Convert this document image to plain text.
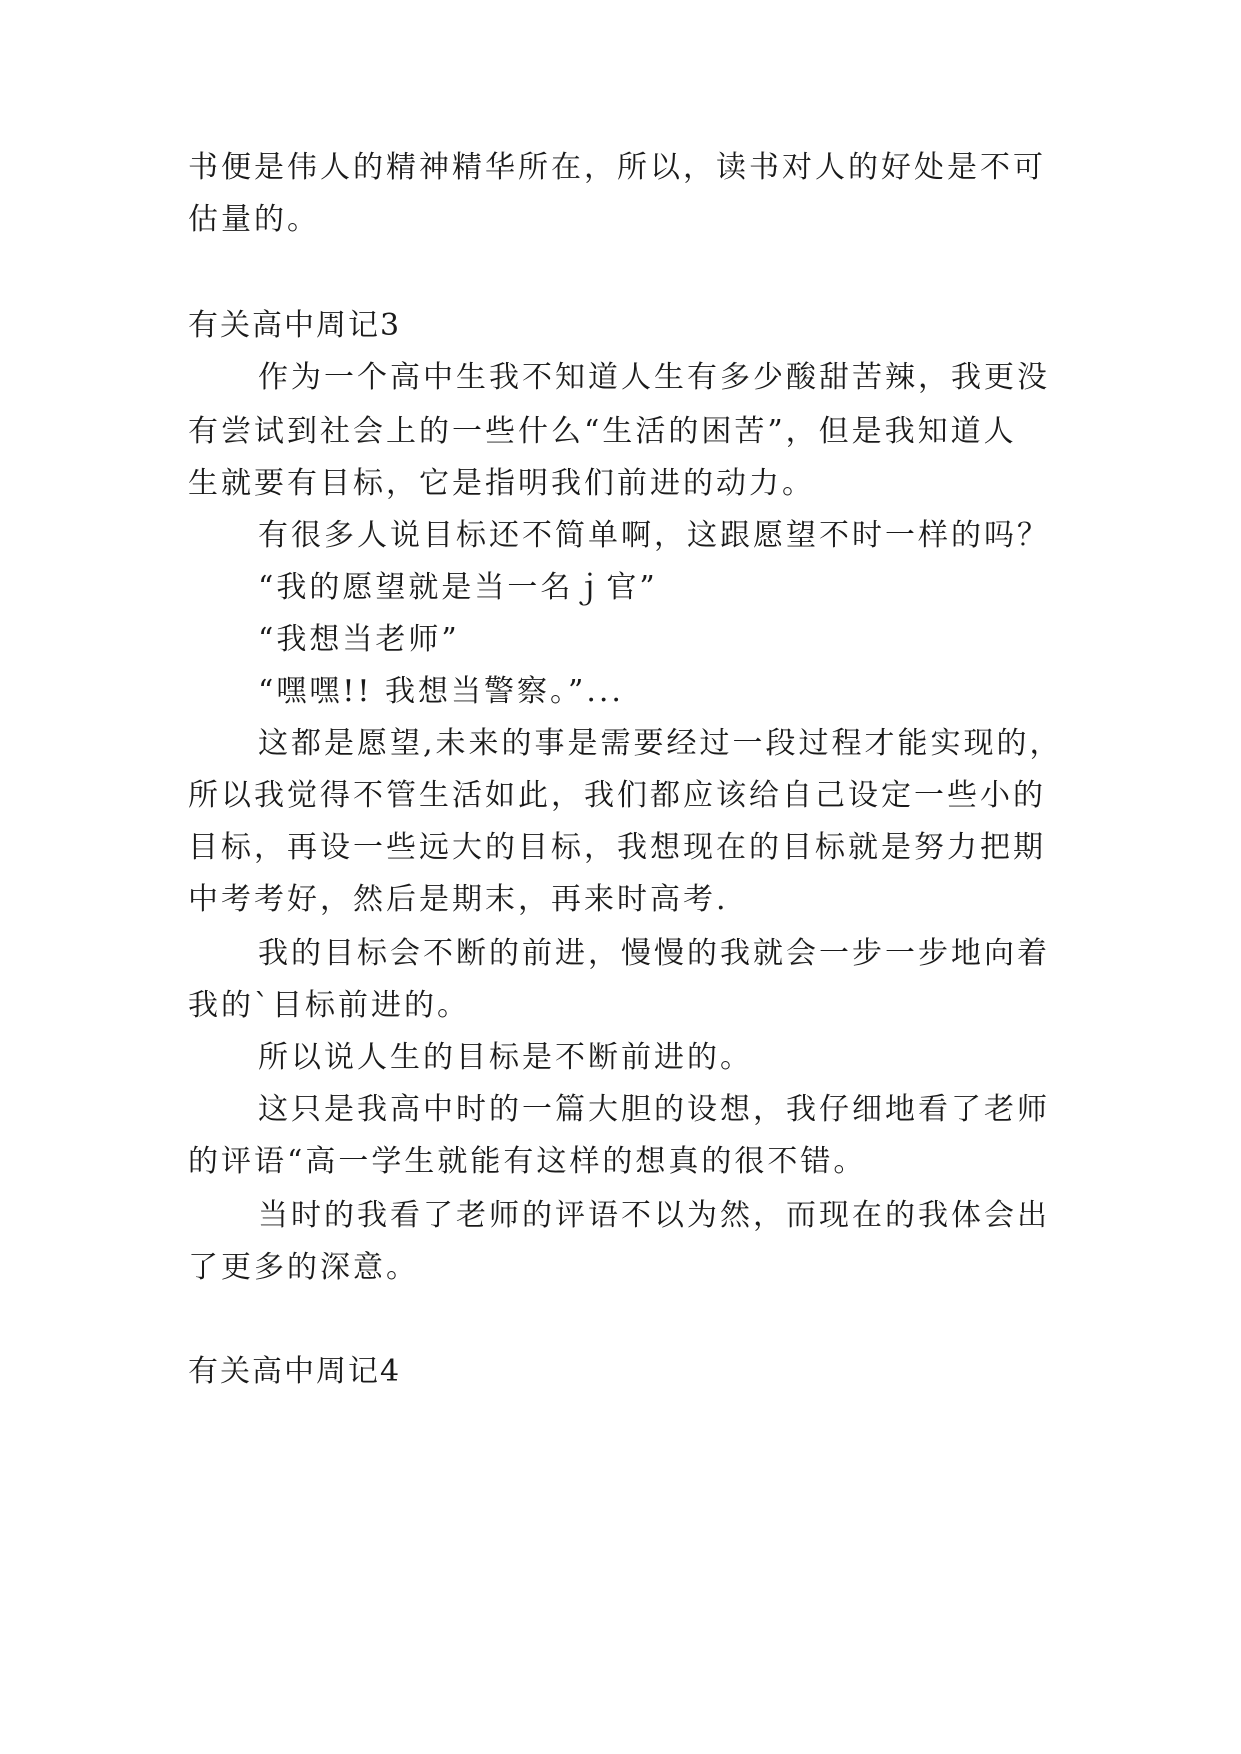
书便是伟人的精神精华所在，所以，读书对人的好处是不可
估量的。
有关高中周记3
作为一个高中生我不知道人生有多少酸甜苦辣，我更没
有尝试到社会上的一些什么“生活的困苦”，但是我知道人
生就要有目标，它是指明我们前进的动力。
有很多人说目标还不简单啊，这跟愿望不时一样的吗？
“我的愿望就是当一名ｊ官”
“我想当老师”
“嘿嘿!! 我想当警察。”...
这都是愿望,未来的事是需要经过一段过程才能实现的，
所以我觉得不管生活如此，我们都应该给自己设定一些小的
目标，再设一些远大的目标，我想现在的目标就是努力把期
中考考好，然后是期末，再来时高考.
我的目标会不断的前进，慢慢的我就会一步一步地向着
我的`目标前进的。
所以说人生的目标是不断前进的。
这只是我高中时的一篇大胆的设想，我仔细地看了老师
的评语“高一学生就能有这样的想真的很不错。
当时的我看了老师的评语不以为然，而现在的我体会出
了更多的深意。
有关高中周记4
